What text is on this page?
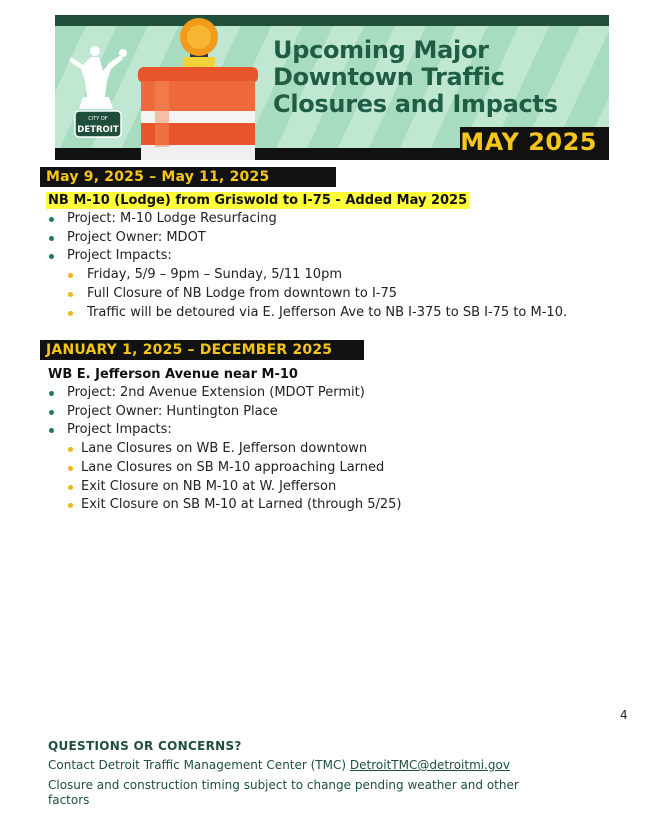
CITY OF
DETROIT
Upcoming Major
Downtown Traffic
Closures and Impacts
MAY 2025
May 9, 2025 – May 11, 2025
NB M-10 (Lodge) from Griswold to I-75 - Added May 2025
Project: M-10 Lodge Resurfacing
Project Owner: MDOT
Project Impacts:
Friday, 5/9 – 9pm – Sunday, 5/11 10pm
Full Closure of NB Lodge from downtown to I-75
Traffic will be detoured via E. Jefferson Ave to NB I-375 to SB I-75 to M-10.
JANUARY 1, 2025 – DECEMBER 2025
WB E. Jefferson Avenue near M-10
Project: 2nd Avenue Extension (MDOT Permit)
Project Owner: Huntington Place
Project Impacts:
Lane Closures on WB E. Jefferson downtown
Lane Closures on SB M-10 approaching Larned
Exit Closure on NB M-10 at W. Jefferson
Exit Closure on SB M-10 at Larned (through 5/25)
4
QUESTIONS OR CONCERNS?
Contact Detroit Traffic Management Center (TMC) DetroitTMC@detroitmi.gov
Closure and construction timing subject to change pending weather and other factors
